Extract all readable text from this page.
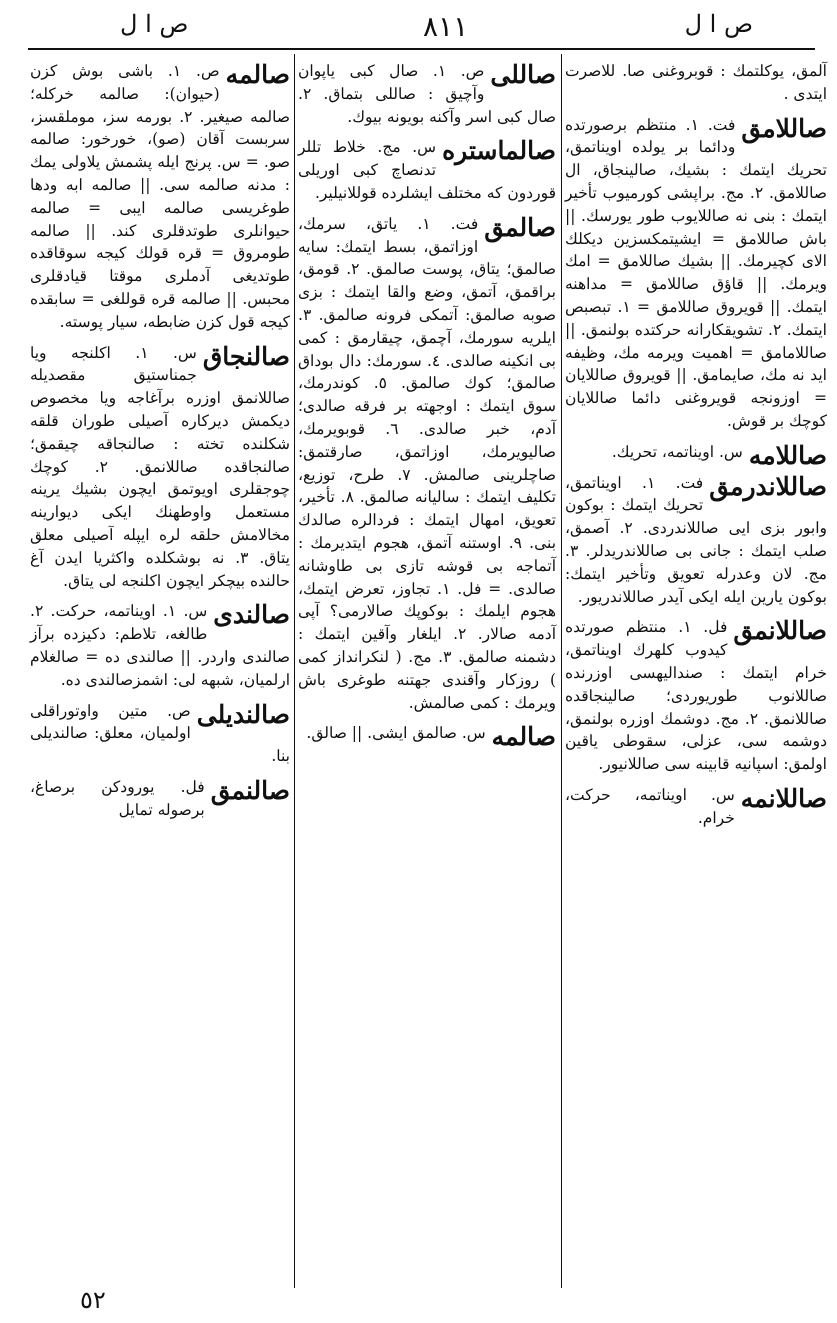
ص ا ل	٨١١	ص ا ل
آلمق، يوكلتمك : قوبروغنى صا. للاصرت ايتدى .
صاللامق
فت. ١. منتظم برصورتده ودائما بر يولده اويناتمق، تحريك ايتمك : بشيك، صالينجاق، ال صاللامق. ٢. مج. براپشى كورميوب تأخير ايتمك : بنى نه صاللايوب طور يورسك. || باش صاللامق = ايشيتمكسزين ديكلك الاى كچيرمك. || بشيك صاللامق = امك ويرمك. || قاؤق صاللامق = مداهنه ايتمك. || قويروق صاللامق = ١. تبصبص ايتمك. ٢. تشويقكارانه حركتده بولنمق. || صاللامامق = اهميت ويرمه مك، وظيفه ايد نه مك، صايمامق. || قويروق صاللايان = اوزونجه قويروغنى دائما صاللايان كوچك بر قوش.
صاللامه
س. اويناتمه، تحريك.
صاللاندرمق
فت. ١. اويناتمق، تحريك ايتمك : بوكون وابور بزى ايى صاللاندردى. ٢. آصمق، صلب ايتمك : جانى بى صاللاندريدلر. ٣. مج. لان وعدرله تعويق وتأخير ايتمك: بوكون يارين ايله ايكى آيدر صاللاندريور.
صاللانمق
فل. ١. منتظم صورتده كيدوب كلهرك اويناتمق، خرام ايتمك : صنداليهسى اوزرنده صاللانوب طوريوردى؛ صالينجاقده صاللانمق. ٢. مج. دوشمك اوزره بولنمق، دوشمه سى، عزلى، سقوطى ياقين اولمق: اسپانيه قابينه سى صاللانيور.
صاللانمه
س. اويناتمه، حركت، خرام.
صاللى
ص. ١. صال كبى ياپوان وآچيق : صاللى بتماق. ٢. صال كبى اسر وآكنه بويونه بيوك.
صالماستره
س. مج. خلاط تللر تدنصاچ كبى اوريلى قوردون كه مختلف ايشلرده قوللانيلير.
صالمق
فت. ١. ياتق، سرمك، اوزاتمق، بسط ايتمك: سايه صالمق؛ يتاق، پوست صالمق. ٢. قومق، براقمق، آتمق، وضع والقا ايتمك : بزى صوبه صالمق: آتمكى فرونه صالمق. ٣. ايلريه سورمك، آچمق، چيقارمق : كمى بى انكينه صالدى. ٤. سورمك: دال بوداق صالمق؛ كوك صالمق. ٥. كوندرمك، سوق ايتمك : اوجهته بر فرقه صالدى؛ آدم، خبر صالدى. ٦. قوبويرمك، صاليويرمك، اوزاتمق، صارقتمق: صاچلرينى صالمش. ٧. طرح، توزيع، تكليف ايتمك : ساليانه صالمق. ٨. تأخير، تعويق، امهال ايتمك : فردالره صالدك بنى. ٩. اوستنه آتمق، هجوم ايتديرمك : آتماجه بى قوشه تازى بى طاوشانه صالدى. = فل. ١. تجاوز، تعرض ايتمك، هجوم ايلمك : بوكوپك صالارمى؟ آپى آدمه صالار. ٢. ايلغار وآقين ايتمك : دشمنه صالمق. ٣. مج. ( لنكرانداز كمى ) روزكار وآقندى جهتنه طوغرى باش ويرمك : كمى صالمش.
صالمه
س. صالمق ايشى. || صالق.
صالمه
ص. ١. باشى بوش كزن (حيوان): صالمه خركله؛ صالمه صيغير. ٢. بورمه سز، موملقسز، سربست آقان (صو)، خورخور: صالمه صو. = س. پرنج ايله پشمش يلاولى يمك : مدنه صالمه سى. || صالمه ابه ودها طوغريسى صالمه ايبى = صالمه حيوانلرى طوتدقلرى كند. || صالمه طومروق = قره قولك كيجه سوقاقده طوتديغى آدملرى موقتا قيادقلرى محبس. || صالمه قره قوللغى = سابقده كيجه قول كزن ضابطه، سيار پوسته.
صالنجاق
س. ١. اكلنجه ويا جمناستيق مقصديله صاللانمق اوزره برآغاجه ويا مخصوص ديكمش ديركاره آصيلى طوران قلقه شكلنده تخته : صالنجاقه چيقمق؛ صالنجاقده صاللانمق. ٢. كوچك چوجقلرى اويوتمق ايچون بشيك يرينه مستعمل واوطهنك ايكى ديوارينه مخالامش حلقه لره ايپله آصيلى معلق يتاق. ٣. نه بوشكلده واكثريا ايدن آغ حالنده بيچكر ايچون اكلنجه لى يتاق.
صالندى
س. ١. اويناتمه، حركت. ٢. طالغه، تلاطم: دكيزده برآز صالندى واردر. || صالندى ده = صالغلام ارلميان، شبهه لى: اشمزصالندى ده.
صالنديلى
ص. متين واوتوراقلى اولميان، معلق: صالنديلى بنا.
صالنمق
فل. يورودكن برصاغ، برصوله تمايل
٥٢
